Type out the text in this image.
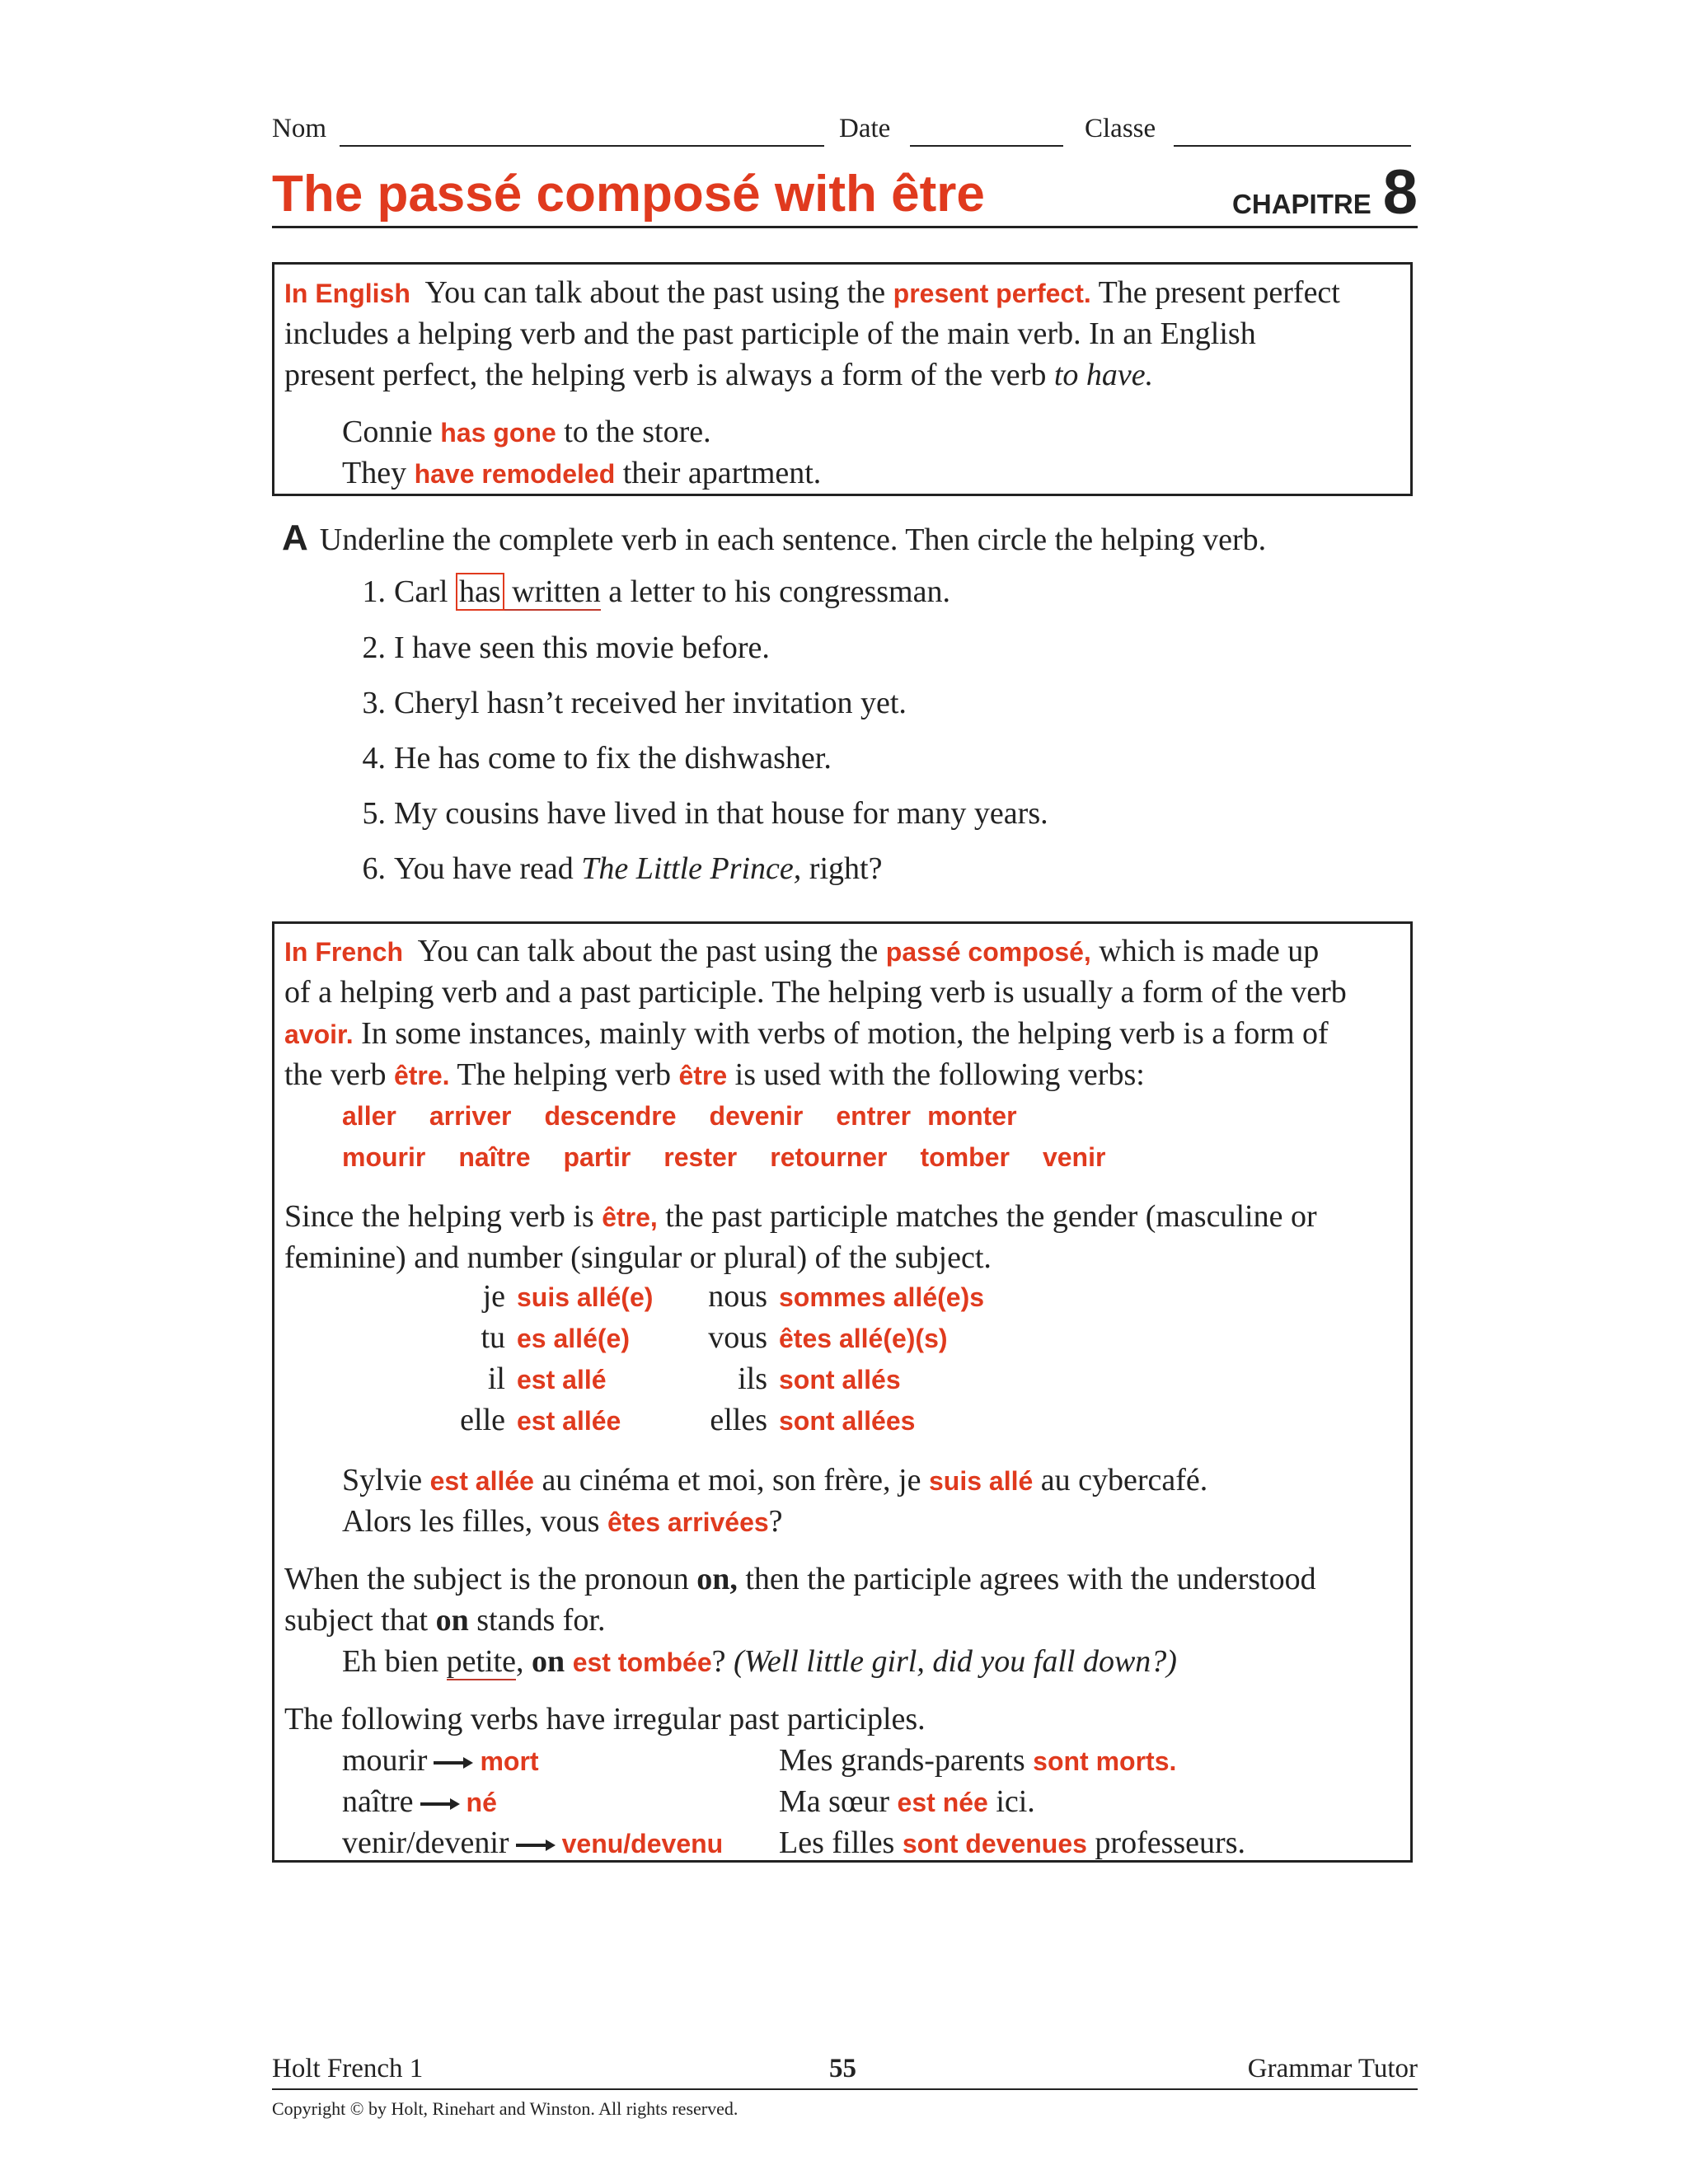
Nom	Date	Classe
The passé composé with être	CHAPITRE 8
In English You can talk about the past using the present perfect. The present perfect
includes a helping verb and the past participle of the main verb. In an English
present perfect, the helping verb is always a form of the verb to have.
Connie has gone to the store.
They have remodeled their apartment.
A Underline the complete verb in each sentence. Then circle the helping verb.
1. Carl has written a letter to his congressman.
2. I have seen this movie before.
3. Cheryl hasn’t received her invitation yet.
4. He has come to fix the dishwasher.
5. My cousins have lived in that house for many years.
6. You have read The Little Prince, right?
In French You can talk about the past using the passé composé, which is made up
of a helping verb and a past participle. The helping verb is usually a form of the verb
avoir. In some instances, mainly with verbs of motion, the helping verb is a form of
the verb être. The helping verb être is used with the following verbs:
aller arriver descendre devenir entrer monter
mourir naître partir rester retourner tomber venir
Since the helping verb is être, the past participle matches the gender (masculine or
feminine) and number (singular or plural) of the subject.
je suis allé(e)	nous sommes allé(e)s
tu es allé(e)	vous êtes allé(e)(s)
il est allé	ils sont allés
elle est allée	elles sont allées
Sylvie est allée au cinéma et moi, son frère, je suis allé au cybercafé.
Alors les filles, vous êtes arrivées?
When the subject is the pronoun on, then the participle agrees with the understood
subject that on stands for.
Eh bien petite, on est tombée? (Well little girl, did you fall down?)
The following verbs have irregular past participles.
mourir mort	Mes grands-parents sont morts.
naître né	Ma sœur est née ici.
venir/devenir venu/devenu Les filles sont devenues professeurs.
Holt French 1	55	Grammar Tutor
Copyright © by Holt, Rinehart and Winston. All rights reserved.
